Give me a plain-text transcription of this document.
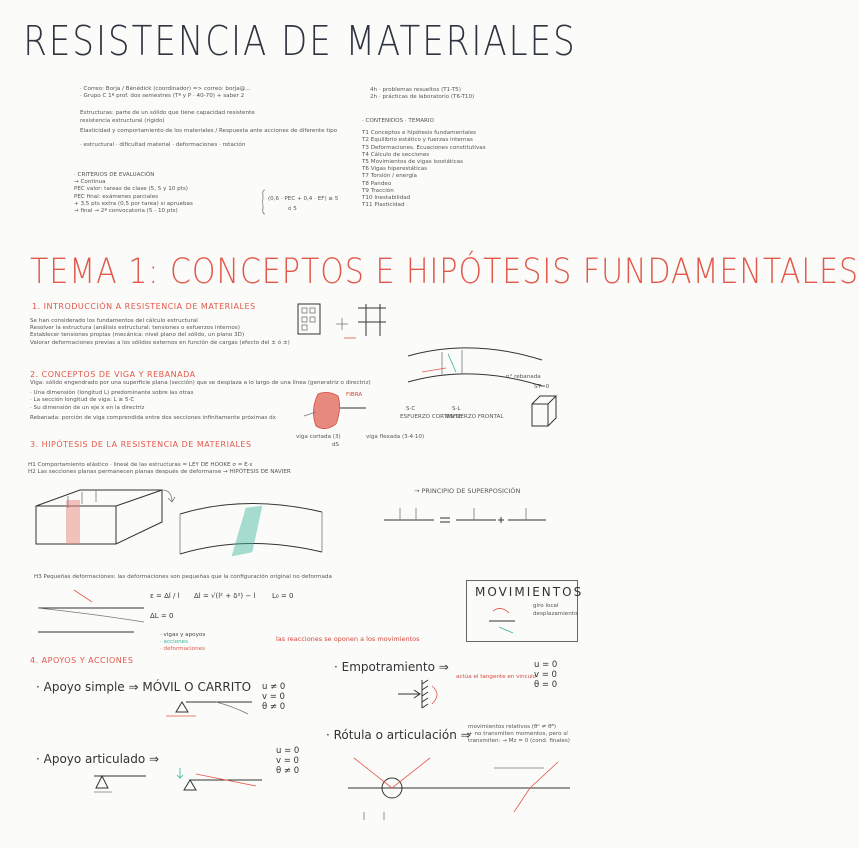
RESISTENCIA DE MATERIALES
· Correo: Borja / Bénédick (coordinador) => correo: borja@...
· Grupo C 1ª prof. dos semestres (Tª y P · 40-70) + saber 2
Estructuras: parte de un sólido que tiene capacidad resistente
resistencia estructural (rígido)
Elasticidad y comportamiento de los materiales / Respuesta ante acciones de diferente tipo
· estructural · dificultad material · deformaciones · rotación
· CRITERIOS DE EVALUACIÓN
→ Continua
PEC valor: tareas de clase (5, 5 y 10 pts)
PEC final: exámenes parciales
+ 3,5 pts extra (0,5 por tarea) si apruebas
→ final → 2ª convocatoria (5 - 10 pts)
(0,6 · PEC + 0,4 · EF) ≥ 5
ó 5
4h · problemas resueltos (T1-T5)
2h · prácticas de laboratorio (T6-T10)
· CONTENIDOS · TEMARIO
T1 Conceptos e hipótesis fundamentales
T2 Equilibrio estático y fuerzas internas
T3 Deformaciones. Ecuaciones constitutivas
T4 Cálculo de secciones
T5 Movimientos de vigas isostáticas
T6 Vigas hiperestáticas
T7 Torsión / energía
T8 Pandeo
T9 Tracción
T10 Inestabilidad
T11 Plasticidad
TEMA 1: CONCEPTOS E HIPÓTESIS FUNDAMENTALES
1. INTRODUCCIÓN A RESISTENCIA DE MATERIALES
Se han considerado los fundamentos del cálculo estructural
Resolver la estructura (análisis estructural: tensiones o esfuerzos internos)
Establecer tensiones propias (mecánica: nivel plano del sólido, un plano 3D)
Valorar deformaciones previas a los sólidos externos en función de cargas (efecto del ± ó ±)
2. CONCEPTOS DE VIGA Y REBANADA
Viga: sólido engendrado por una superficie plana (sección) que se desplaza a lo largo de una línea (generatriz o directriz)
· Una dimensión (longitud L) predominante sobre las otras
· La sección longitud de viga: L ≥ 5·C
· Su dimensión de un eje x en la directriz
Rebanada: porción de viga comprendida entre dos secciones infinitamente próximas dx
FIBRA
viga cortada (3)
dS
viga flexada (3·4·10)
n° rebanada
S·C
ESFUERZO CORTANTE
S·L
ESFUERZO FRONTAL
ST=0
3. HIPÓTESIS DE LA RESISTENCIA DE MATERIALES
H1 Comportamiento elástico · lineal de las estructuras = LEY DE HOOKE σ = E·ε
H2 Las secciones planas permanecen planas después de deformarse → HIPÓTESIS DE NAVIER
→ PRINCIPIO DE SUPERPOSICIÓN
H3 Pequeñas deformaciones: las deformaciones son pequeñas que la configuración original no deformada
ε = Δl / l Δl = √(l² + δ²) − l L₀ = 0
ΔL = 0
MOVIMIENTOS
giro local
desplazamiento
· vigas y apoyos
· acciones
· deformaciones
las reacciones se oponen a los movimientos
4. APOYOS Y ACCIONES
· Apoyo simple ⇒ MÓVIL O CARRITO u ≠ 0
v = 0
θ ≠ 0
· Empotramiento ⇒
actúa el tangente en vinculo
u = 0
v = 0
θ = 0
· Apoyo articulado ⇒
u = 0
v = 0
θ ≠ 0
· Rótula o articulación ⇒
movimientos relativos (θᴬ ≠ θᴮ)
+ no transmiten momentos, pero sí
transmiten: → Mz = 0 (cond. finales)
